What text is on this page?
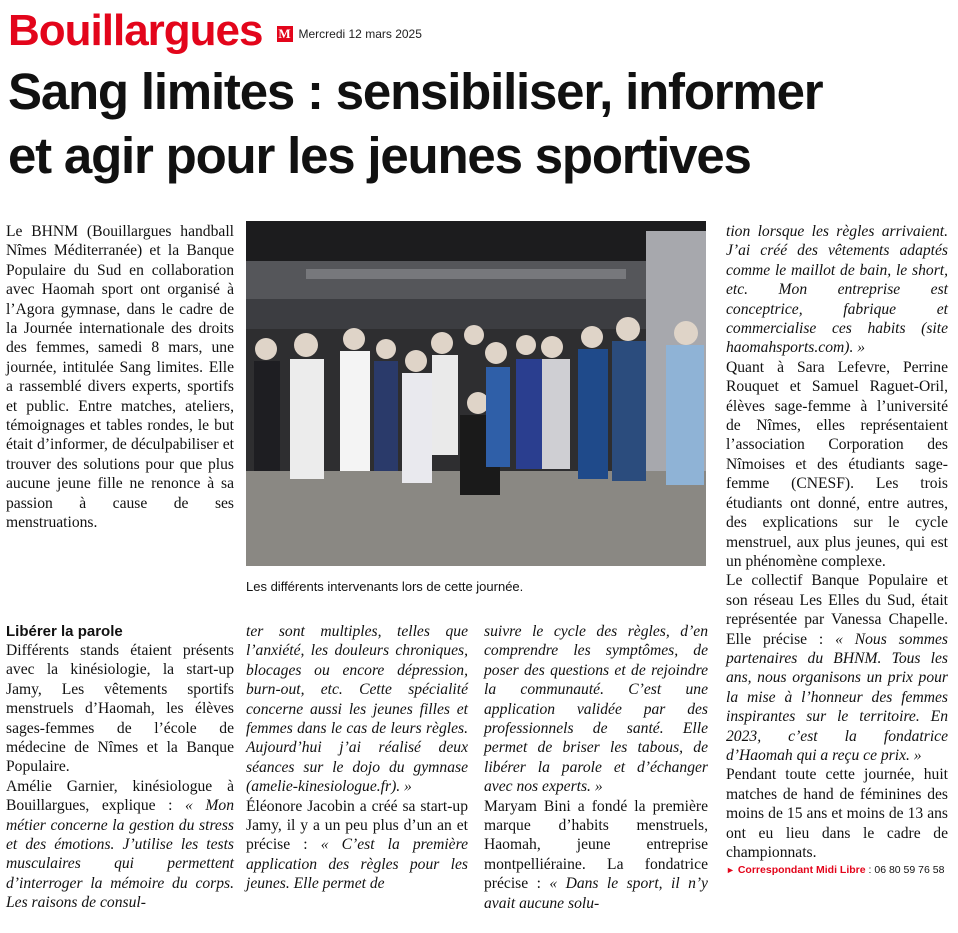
Bouillargues M Mercredi 12 mars 2025
Sang limites : sensibiliser, informer
et agir pour les jeunes sportives

Le BHNM (Bouillargues handball Nîmes Méditerranée) et la Banque Populaire du Sud en collaboration avec Haomah sport ont organisé à l’Agora gymnase, dans le cadre de la Journée internationale des droits des femmes, samedi 8 mars, une journée, intitulée Sang limites. Elle a rassemblé divers experts, sportifs et public. Entre matches, ateliers, témoignages et tables rondes, le but était d’informer, de déculpabiliser et trouver des solutions pour que plus aucune jeune fille ne renonce à sa passion à cause de ses menstruations.

Les différents intervenants lors de cette journée.
Libérer la parole

Différents stands étaient présents avec la kinésiologie, la start-up Jamy, Les vêtements sportifs menstruels d’Haomah, les élèves sages-femmes de l’école de médecine de Nîmes et la Banque Populaire.

Amélie Garnier, kinésiologue à Bouillargues, explique : « Mon métier concerne la gestion du stress et des émotions. J’utilise les tests musculaires qui permettent d’interroger la mémoire du corps. Les raisons de consul-

ter sont multiples, telles que l’anxiété, les douleurs chroniques, blocages ou encore dépression, burn-out, etc. Cette spécialité concerne aussi les jeunes filles et femmes dans le cas de leurs règles. Aujourd’hui j’ai réalisé deux séances sur le dojo du gymnase (amelie-kinesiologue.fr). »

Éléonore Jacobin a créé sa start-up Jamy, il y a un peu plus d’un an et précise : « C’est la première application des règles pour les jeunes. Elle permet de

suivre le cycle des règles, d’en comprendre les symptômes, de poser des questions et de rejoindre la communauté. C’est une application validée par des professionnels de santé. Elle permet de briser les tabous, de libérer la parole et d’échanger avec nos experts. »

Maryam Bini a fondé la première marque d’habits menstruels, Haomah, jeune entreprise montpelliéraine. La fondatrice précise : « Dans le sport, il n’y avait aucune solu-

tion lorsque les règles arrivaient. J’ai créé des vêtements adaptés comme le maillot de bain, le short, etc. Mon entreprise est conceptrice, fabrique et commercialise ces habits (site haomahsports.com). »

Quant à Sara Lefevre, Perrine Rouquet et Samuel Raguet-Oril, élèves sage-femme à l’université de Nîmes, elles représentaient l’association Corporation des Nîmoises et des étudiants sage-femme (CNESF). Les trois étudiants ont donné, entre autres, des explications sur le cycle menstruel, aux plus jeunes, qui est un phénomène complexe.

Le collectif Banque Populaire et son réseau Les Elles du Sud, était représentée par Vanessa Chapelle. Elle précise : « Nous sommes partenaires du BHNM. Tous les ans, nous organisons un prix pour la mise à l’honneur des femmes inspirantes sur le territoire. En 2023, c’est la fondatrice d’Haomah qui a reçu ce prix. »

Pendant toute cette journée, huit matches de hand de féminines des moins de 15 ans et moins de 13 ans ont eu lieu dans le cadre de championnats.

► Correspondant Midi Libre : 06 80 59 76 58
